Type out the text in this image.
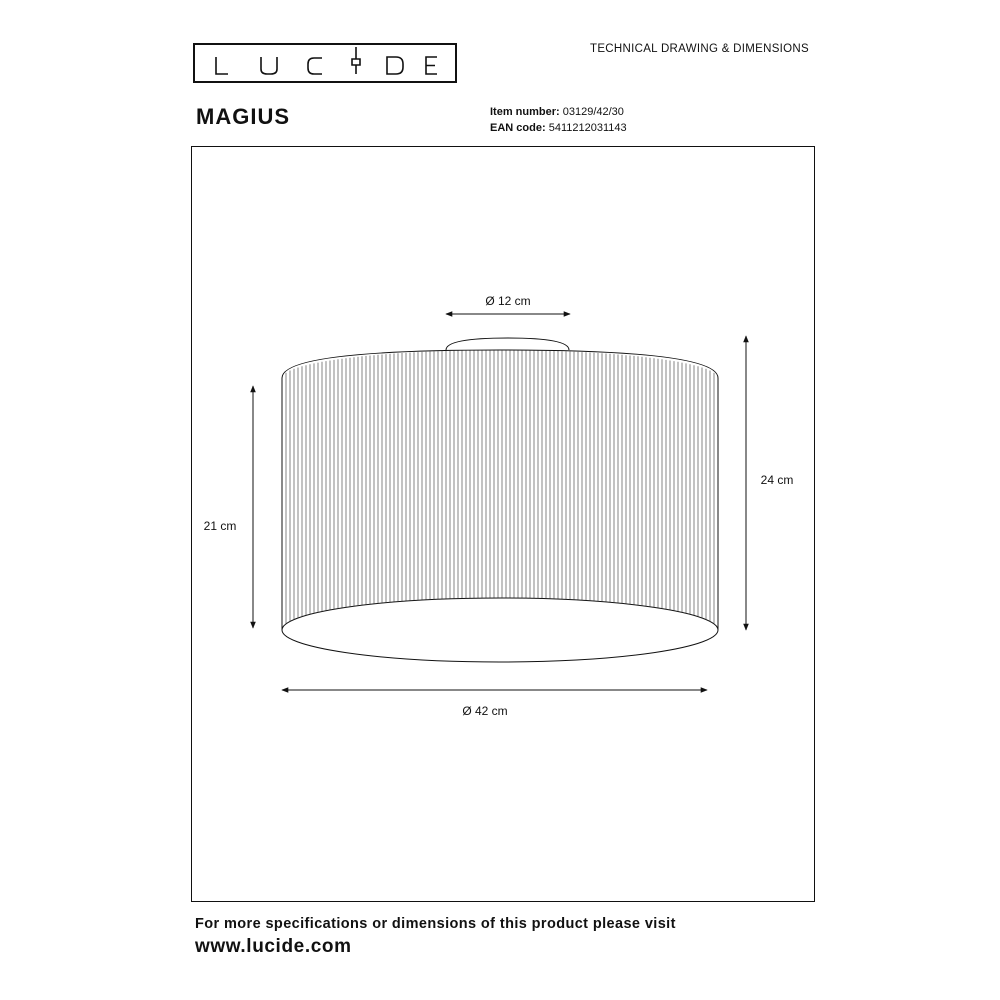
TECHNICAL DRAWING & DIMENSIONS
MAGIUS	Item number: 03129/42/30
EAN code: 5411212031143
Ø 12 cm
21 cm
24 cm
Ø 42 cm
For more specifications or dimensions of this product please visit
www.lucide.com
